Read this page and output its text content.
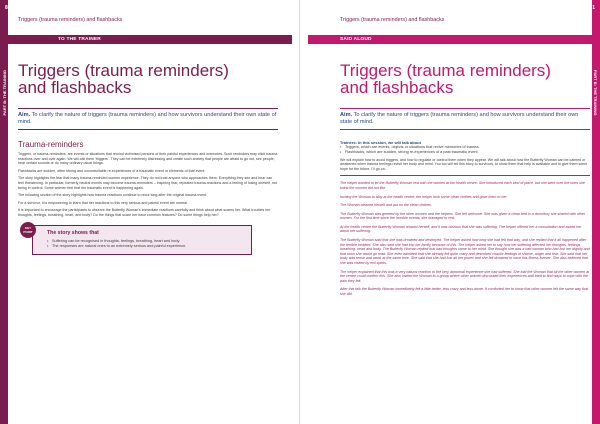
PART B: THE TRAINING
80
Triggers (trauma reminders) and flashbacks
TO THE TRAINER
Triggers (trauma reminders)
and flashbacks
Aim. To clarify the nature of triggers (trauma reminders) and how survivors understand their own state of mind.
Trauma-reminders

Triggers, or trauma-reminders, are events or situations that remind victimised persons of their painful experiences and memories. Such reminders may elicit trauma reactions over and over again. We will call them ‘triggers’. They can be extremely distressing and create such anxiety that people are afraid to go out, see people, hear certain sounds or do many ordinary usual things.

Flashbacks are sudden, often strong and uncontrollable re-experiences of a traumatic event or elements of that event.

The story highlights the fear that many trauma-reminded women experience. They do not trust anyone who approaches them. Everything they see and hear can feel threatening. In particular, formerly neutral events may become trauma-reminders – inspiring fear, repeated trauma-reactions and a feeling of losing oneself, not being in control. Some women feel that the traumatic event is happening again.

The following section of the story highlights how trauma reactions continue to recur long after the original trauma event.

For a survivor, it is empowering to learn that her reactions to this very serious and painful event are normal.

It is important to encourage the participants to observe the Butterfly Woman’s immediate reactions carefully and think about what scares her. What troubles her thoughts, feelings, breathing, heart, and body? Do the things that scare her have common features? Do some things help her?

KEY POINT	The story shows that
• Suffering can be recognised in thoughts, feelings, breathing, heart and body.
• The responses are natural ones to an extremely serious and painful experience.
PART B: THE TRAINING
81
Triggers (trauma reminders) and flashbacks
SAID ALOUD
Triggers (trauma reminders)
and flashbacks
Aim. To clarify the nature of triggers (trauma reminders) and how survivors understand their own state of mind.
Trainers: In this session, we will talk about
• Triggers, which are events, objects or situations that revive memories of trauma.
• Flashbacks, which are sudden, strong re-experiences of a past traumatic event.

We will explain how to avoid triggers, and how to regulate or control them when they appear. We will talk about how the Butterfly Woman can be calmed or awakened when trauma feelings revisit her body and mind. You too will tell this story to survivors, to show them that help is available and to give them some hope for the future. I’ll go on.

The helper wanted to let the Butterfly Woman rest with the women at the health centre. She introduced each kind of place, but she went over the ones she knew the women did not like.

Inviting the Woman to stay at the health centre, the helper took some clean clothes and gave them to her.

The Woman cleaned herself and put on the clean clothes.

The Butterfly Woman was greeted by the other women and the helpers. She felt welcome. She was given a clean bed in a dormitory she shared with other women. For the first time since the horrible events, she managed to rest.

At the health centre the Butterfly Woman relaxed herself, and it was obvious that she was suffering. The helper offered her a consultation and asked her about her suffering.

The Butterfly Woman said that she was drowned and destroyed. The helper asked how long she had felt that way, and she replied that it all happened after the terrible incident. She also said she had lost her family because of this. The helper asked her to say how her suffering affected her thoughts, feelings, breathing, heart and body. The Butterfly Woman replied that bad thoughts came to her mind. She thought she was a bad woman who had lost her dignity and that soon she would go mad. She even admitted that she already felt quite crazy and described chaotic feelings of shame, anger and fear. She said that her body was tense and weak at the same time. She said that she had lost all her power and she felt drowned to have this illness forever. She also believed that she was visited by evil spirits.

The helper explained that this was a very natural reaction to the very abnormal experience she had suffered. She told the Woman that all the other women at the centre could confirm this. She also invited the Woman to a group where other women discussed their experiences and tried to find ways to cope with the pain they felt.

After this talk the Butterfly Woman immediately felt a little better, less crazy and less alone. It comforted her to know that other women felt the same way that she did.
